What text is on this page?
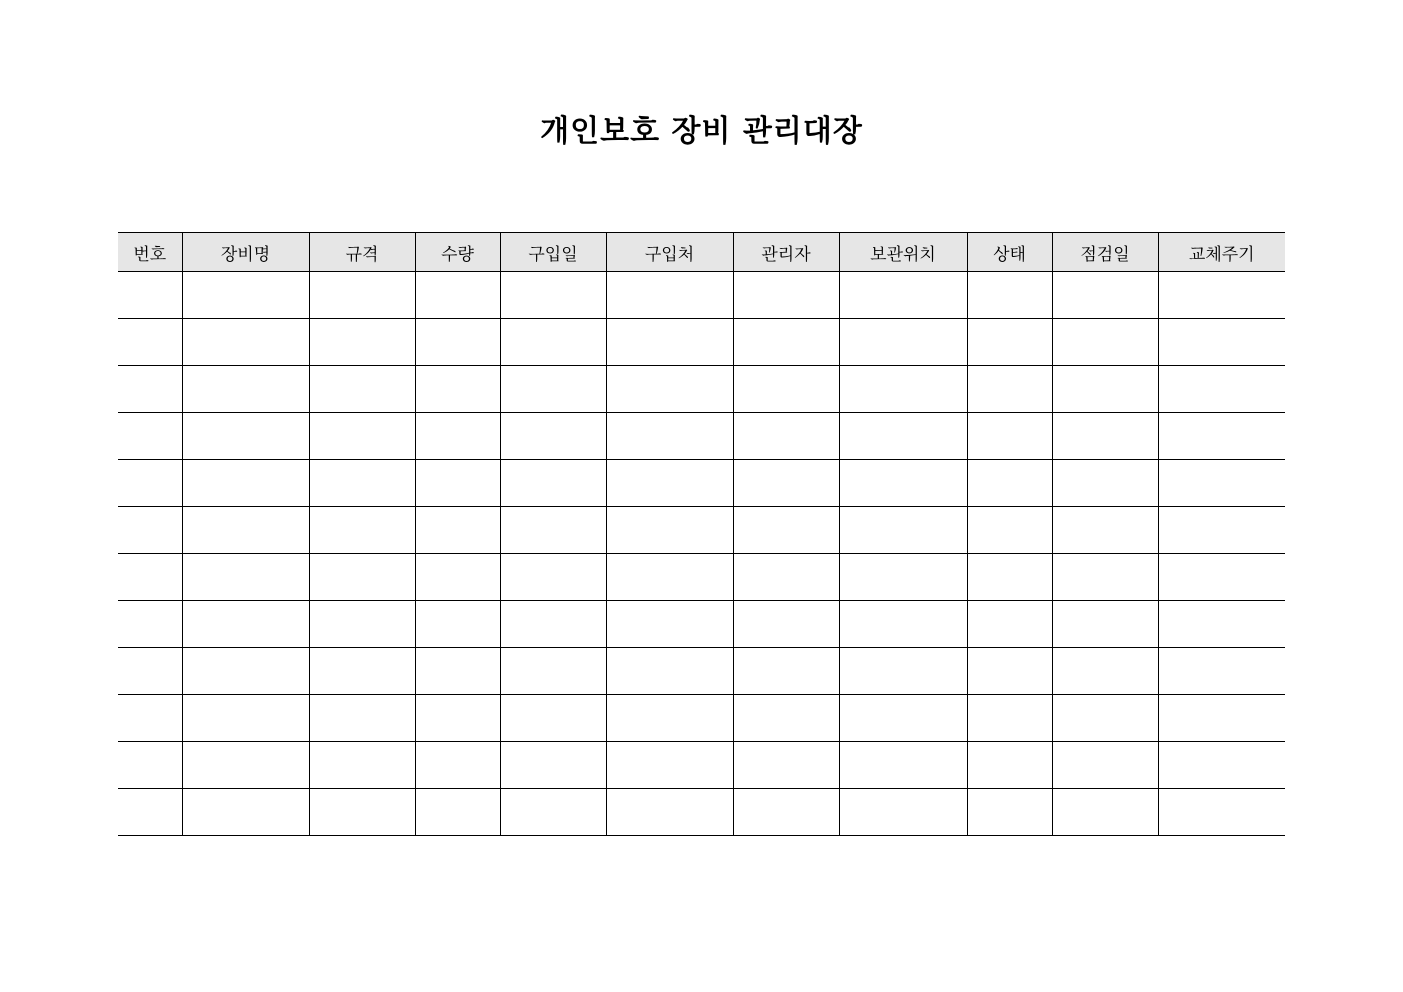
개인보호 장비 관리대장
번호	장비명	규격	수량	구입일	구입처	관리자	보관위치	상태	점검일	교체주기
